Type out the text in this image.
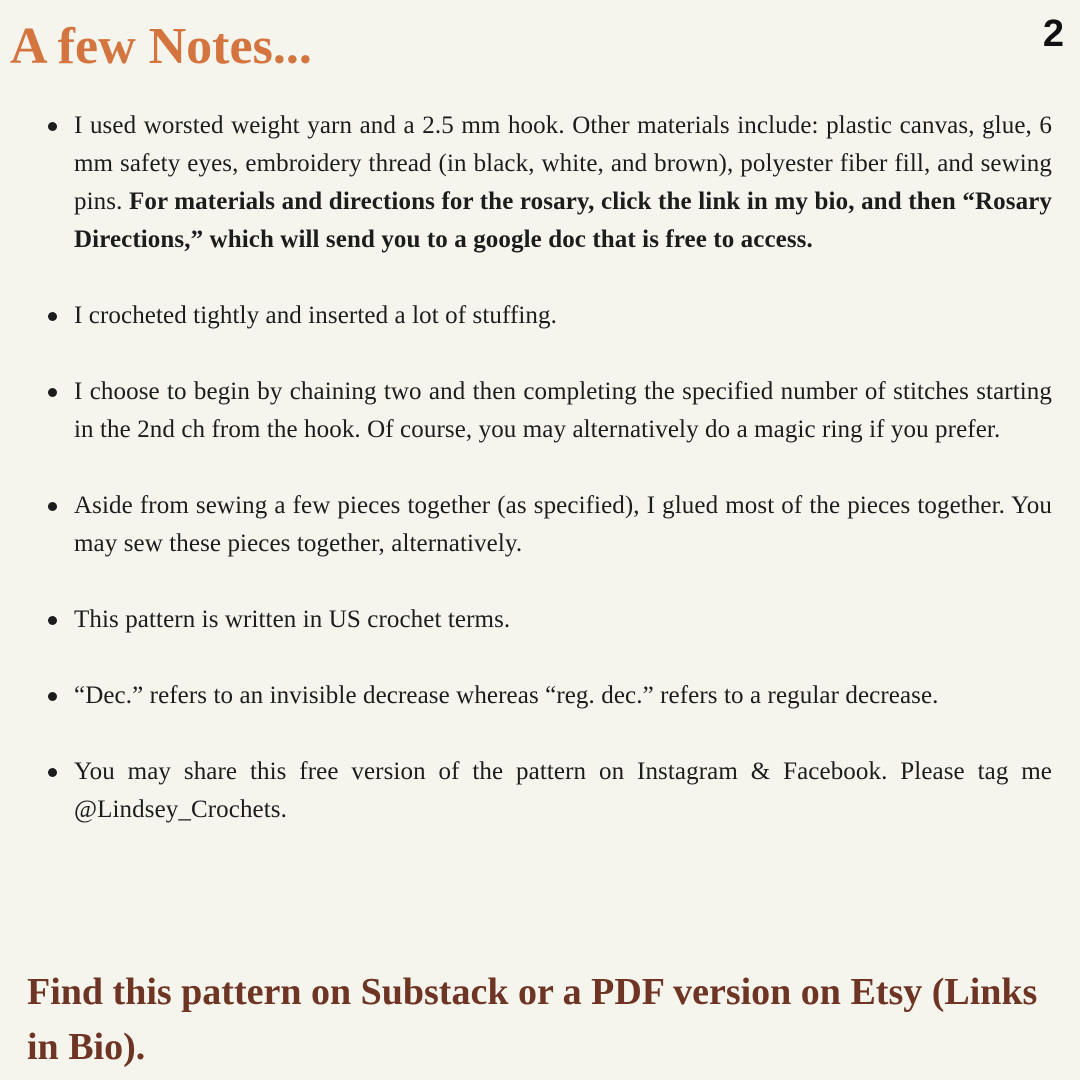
A few Notes...	2
I used worsted weight yarn and a 2.5 mm hook. Other materials include: plastic canvas, glue, 6 mm safety eyes, embroidery thread (in black, white, and brown), polyester fiber fill, and sewing pins. For materials and directions for the rosary, click the link in my bio, and then “Rosary Directions,” which will send you to a google doc that is free to access.
I crocheted tightly and inserted a lot of stuffing.
I choose to begin by chaining two and then completing the specified number of stitches starting in the 2nd ch from the hook. Of course, you may alternatively do a magic ring if you prefer.
Aside from sewing a few pieces together (as specified), I glued most of the pieces together. You may sew these pieces together, alternatively.
This pattern is written in US crochet terms.
“Dec.” refers to an invisible decrease whereas “reg. dec.” refers to a regular decrease.
You may share this free version of the pattern on Instagram & Facebook. Please tag me @Lindsey_Crochets.

Find this pattern on Substack or a PDF version on Etsy (Links in Bio).
